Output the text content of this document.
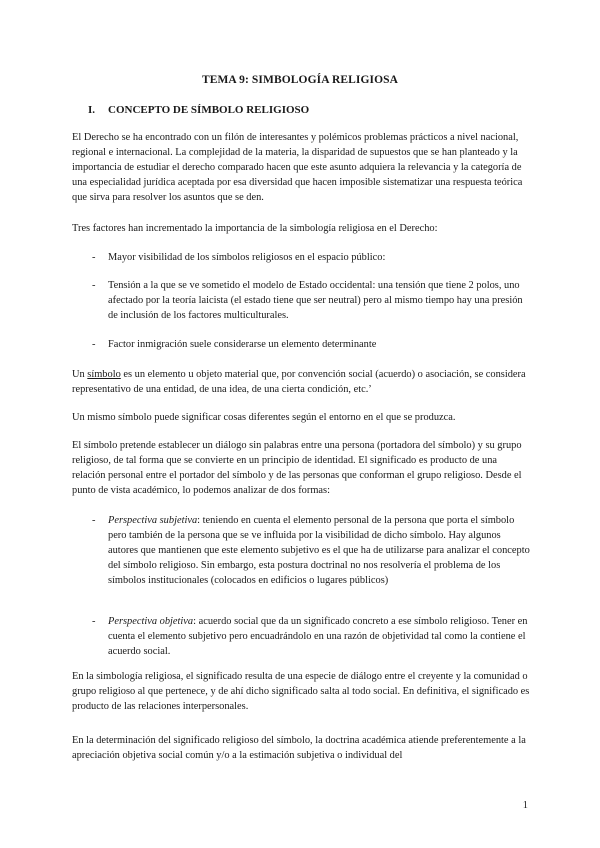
TEMA 9: SIMBOLOGÍA RELIGIOSA
I. CONCEPTO DE SÍMBOLO RELIGIOSO

El Derecho se ha encontrado con un filón de interesantes y polémicos problemas prácticos a nivel nacional, regional e internacional. La complejidad de la materia, la disparidad de supuestos que se han planteado y la importancia de estudiar el derecho comparado hacen que este asunto adquiera la relevancia y la categoría de una especialidad jurídica aceptada por esa diversidad que hacen imposible sistematizar una respuesta teórica que sirva para resolver los asuntos que se den.

Tres factores han incrementado la importancia de la simbología religiosa en el Derecho:

- Mayor visibilidad de los símbolos religiosos en el espacio público:
- Tensión a la que se ve sometido el modelo de Estado occidental: una tensión que tiene 2 polos, uno afectado por la teoría laicista (el estado tiene que ser neutral) pero al mismo tiempo hay una presión de inclusión de los factores multiculturales.
- Factor inmigración suele considerarse un elemento determinante

Un símbolo es un elemento u objeto material que, por convención social (acuerdo) o asociación, se considera representativo de una entidad, de una idea, de una cierta condición, etc.’

Un mismo símbolo puede significar cosas diferentes según el entorno en el que se produzca.

El símbolo pretende establecer un diálogo sin palabras entre una persona (portadora del símbolo) y su grupo religioso, de tal forma que se convierte en un principio de identidad. El significado es producto de una relación personal entre el portador del símbolo y de las personas que conforman el grupo religioso. Desde el punto de vista académico, lo podemos analizar de dos formas:

- Perspectiva subjetiva: teniendo en cuenta el elemento personal de la persona que porta el símbolo pero también de la persona que se ve influida por la visibilidad de dicho símbolo. Hay algunos autores que mantienen que este elemento subjetivo es el que ha de utilizarse para analizar el concepto del símbolo religioso. Sin embargo, esta postura doctrinal no nos resolvería el problema de los símbolos institucionales (colocados en edificios o lugares públicos)
- Perspectiva objetiva: acuerdo social que da un significado concreto a ese símbolo religioso. Tener en cuenta el elemento subjetivo pero encuadrándolo en una razón de objetividad tal como la contiene el acuerdo social.

En la simbología religiosa, el significado resulta de una especie de diálogo entre el creyente y la comunidad o grupo religioso al que pertenece, y de ahí dicho significado salta al todo social. En definitiva, el significado es producto de las relaciones interpersonales.

En la determinación del significado religioso del símbolo, la doctrina académica atiende preferentemente a la apreciación objetiva social común y/o a la estimación subjetiva o individual del

1
